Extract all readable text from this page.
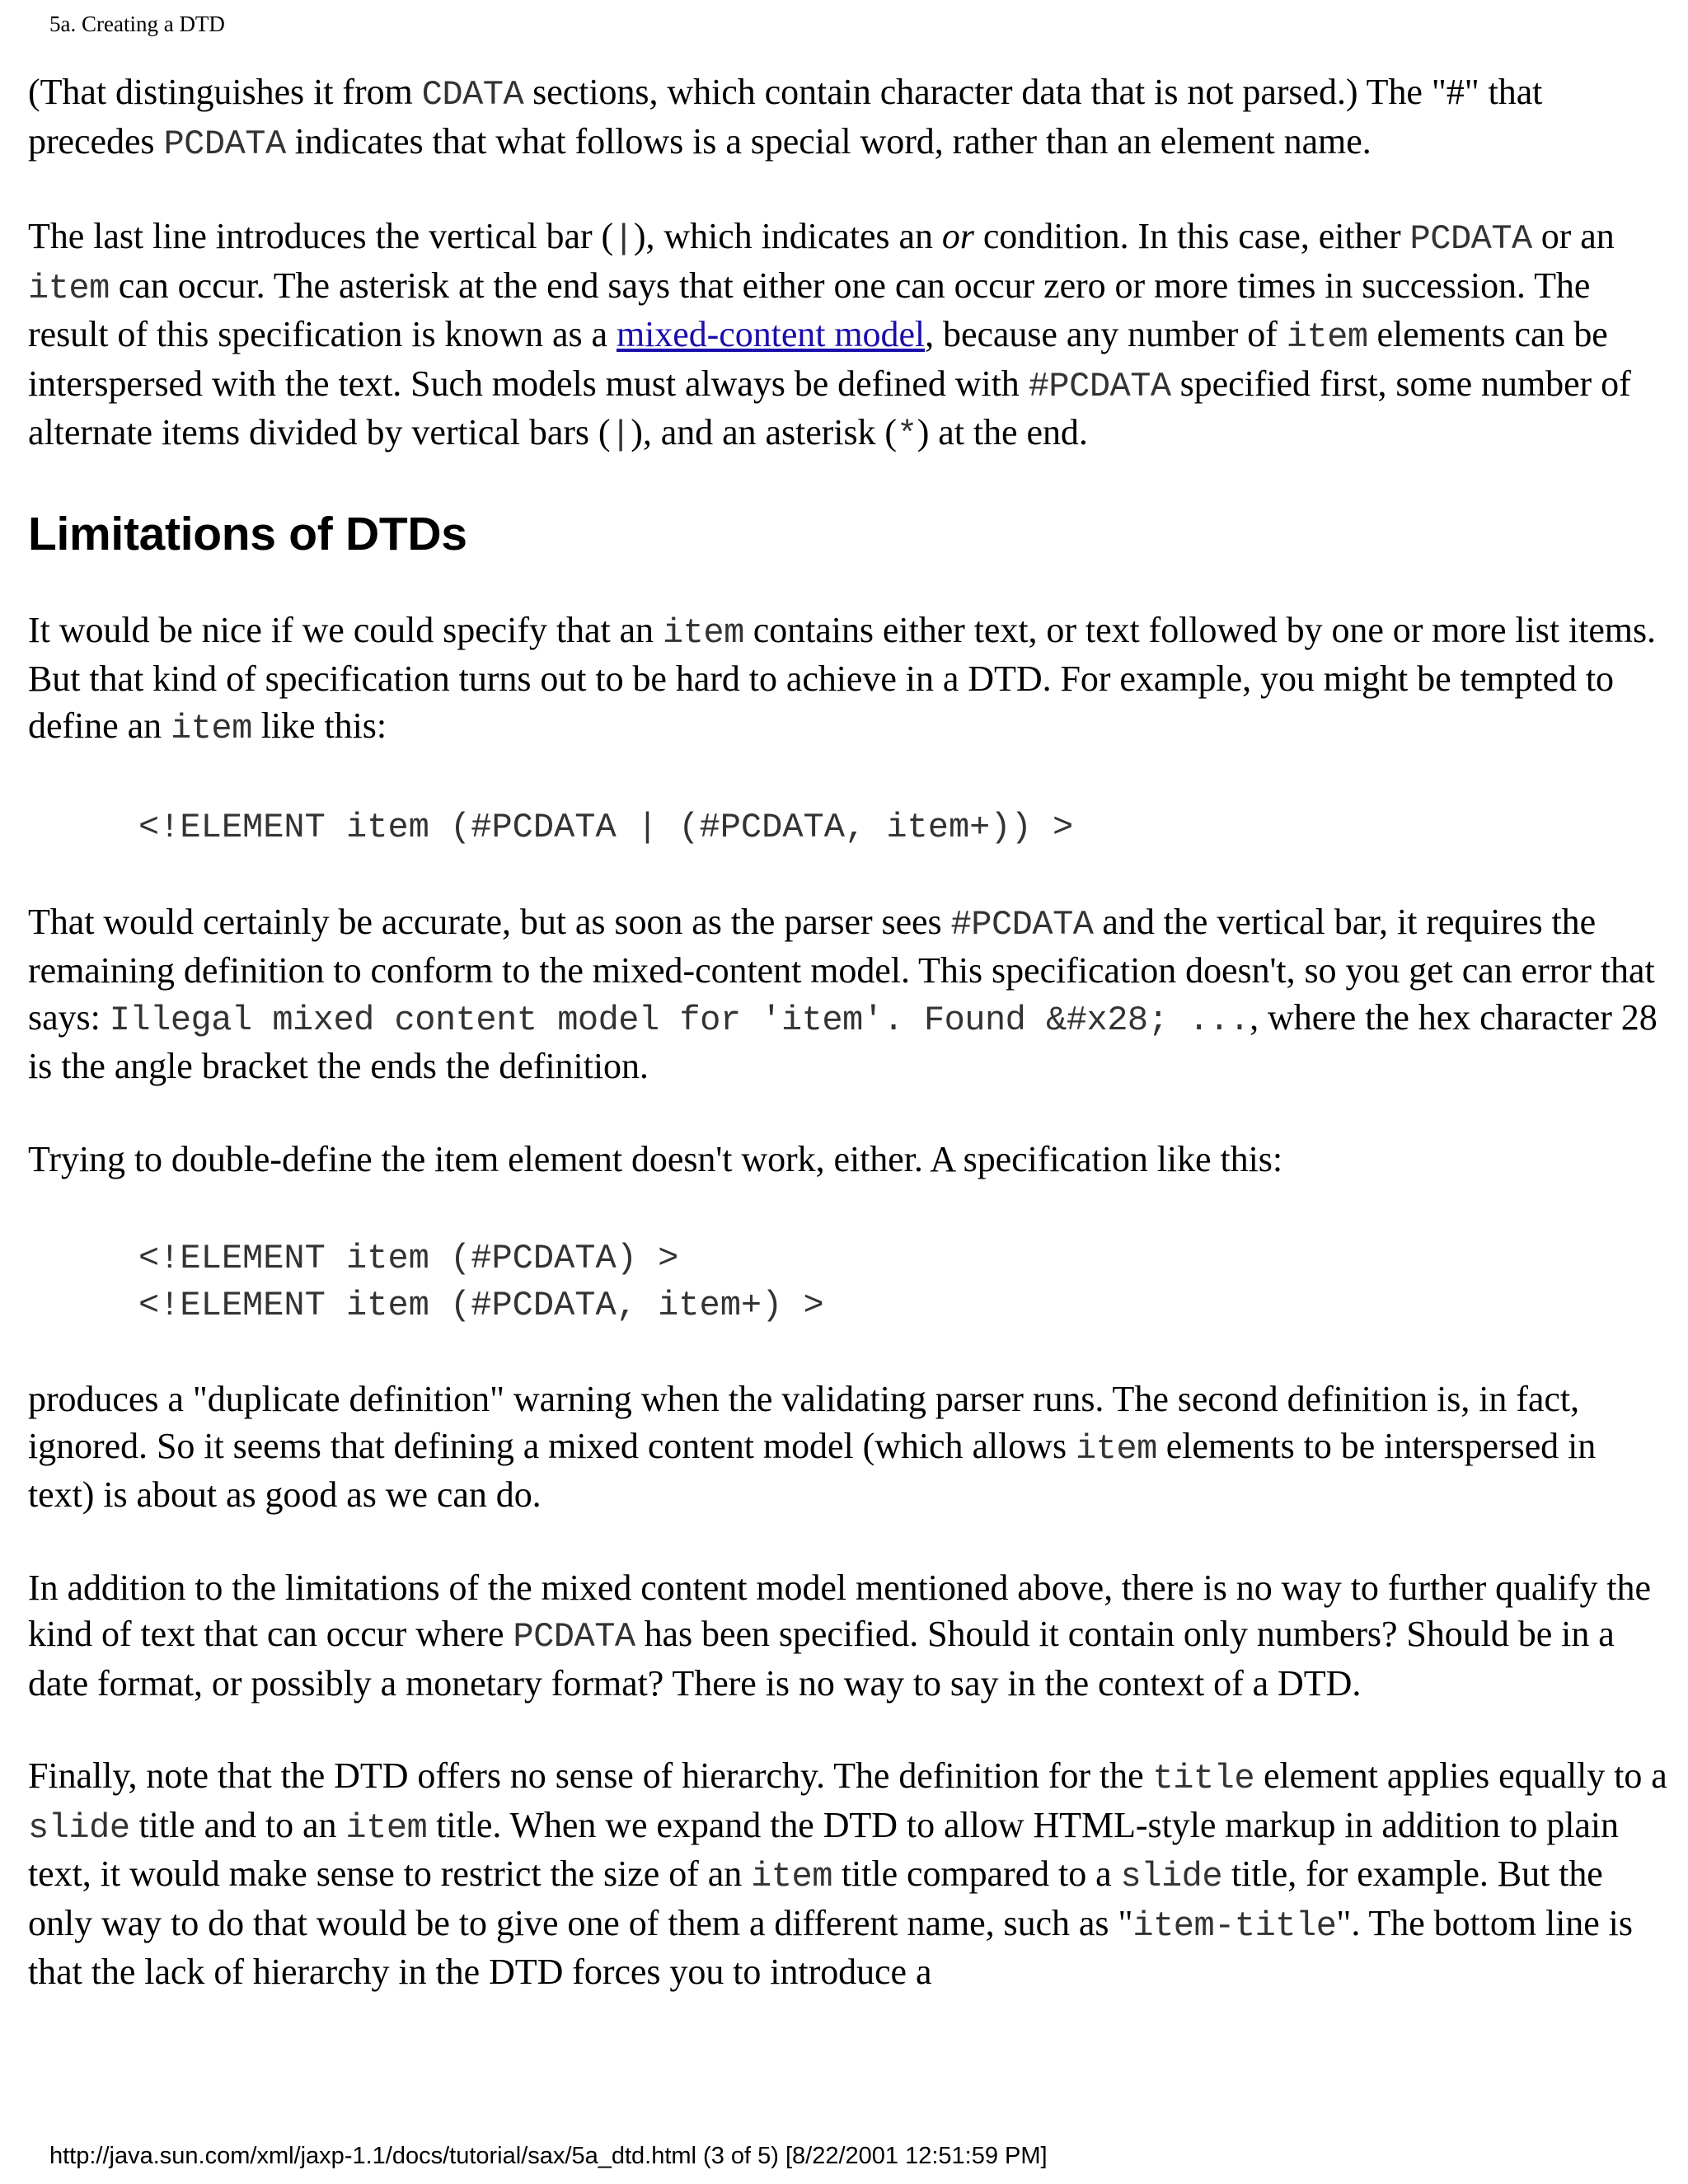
5a. Creating a DTD

(That distinguishes it from CDATA sections, which contain character data that is not parsed.) The "#" that precedes PCDATA indicates that what follows is a special word, rather than an element name.

The last line introduces the vertical bar (|), which indicates an or condition. In this case, either PCDATA or an item can occur. The asterisk at the end says that either one can occur zero or more times in succession. The result of this specification is known as a mixed-content model, because any number of item elements can be interspersed with the text. Such models must always be defined with #PCDATA specified first, some number of alternate items divided by vertical bars (|), and an asterisk (*) at the end.

Limitations of DTDs

It would be nice if we could specify that an item contains either text, or text followed by one or more list items. But that kind of specification turns out to be hard to achieve in a DTD. For example, you might be tempted to define an item like this:

<!ELEMENT item (#PCDATA | (#PCDATA, item+)) >

That would certainly be accurate, but as soon as the parser sees #PCDATA and the vertical bar, it requires the remaining definition to conform to the mixed-content model. This specification doesn't, so you get can error that says: Illegal mixed content model for 'item'. Found &#x28; ..., where the hex character 28 is the angle bracket the ends the definition.

Trying to double-define the item element doesn't work, either. A specification like this:

<!ELEMENT item (#PCDATA) >
<!ELEMENT item (#PCDATA, item+) >

produces a "duplicate definition" warning when the validating parser runs. The second definition is, in fact, ignored. So it seems that defining a mixed content model (which allows item elements to be interspersed in text) is about as good as we can do.

In addition to the limitations of the mixed content model mentioned above, there is no way to further qualify the kind of text that can occur where PCDATA has been specified. Should it contain only numbers? Should be in a date format, or possibly a monetary format? There is no way to say in the context of a DTD.

Finally, note that the DTD offers no sense of hierarchy. The definition for the title element applies equally to a slide title and to an item title. When we expand the DTD to allow HTML-style markup in addition to plain text, it would make sense to restrict the size of an item title compared to a slide title, for example. But the only way to do that would be to give one of them a different name, such as "item-title". The bottom line is that the lack of hierarchy in the DTD forces you to introduce a

http://java.sun.com/xml/jaxp-1.1/docs/tutorial/sax/5a_dtd.html (3 of 5) [8/22/2001 12:51:59 PM]
